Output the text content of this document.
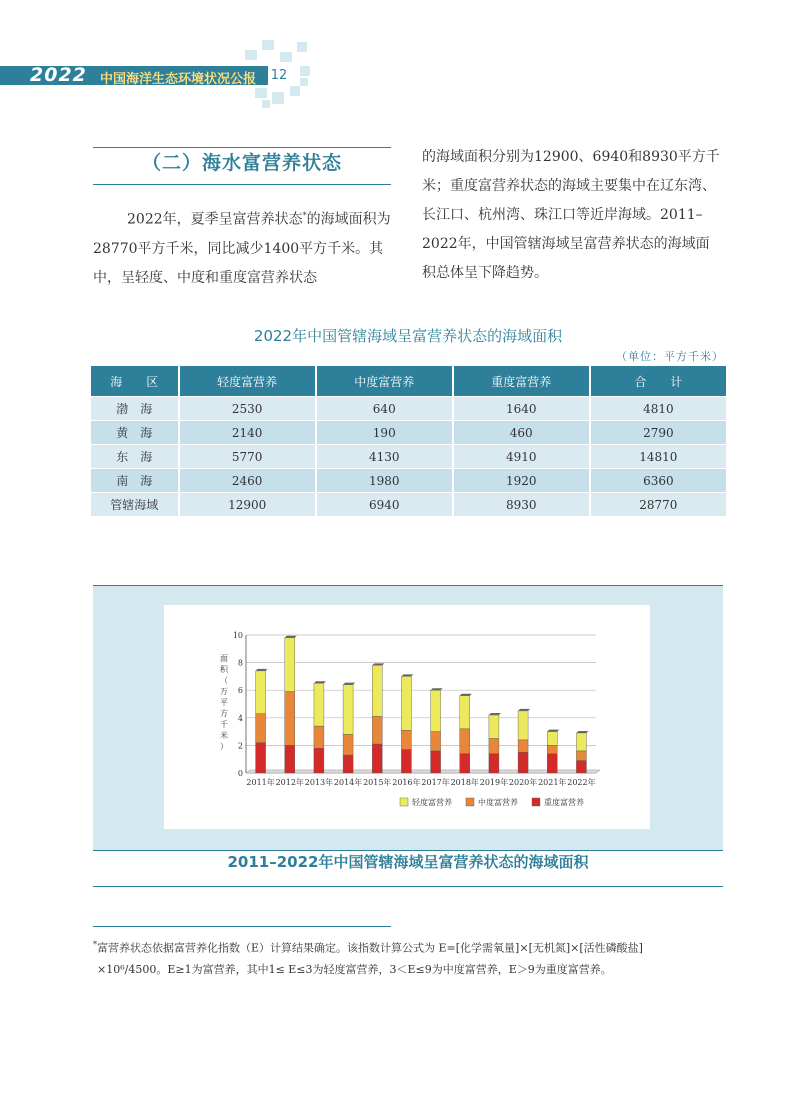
2022 中国海洋生态环境状况公报	12
（二）海水富营养状态
2022年，夏季呈富营养状态*的海域面积为28770平方千米，同比减少1400平方千米。其中，呈轻度、中度和重度富营养状态
的海域面积分别为12900、6940和8930平方千米；重度富营养状态的海域主要集中在辽东湾、长江口、杭州湾、珠江口等近岸海域。2011–2022年，中国管辖海域呈富营养状态的海域面积总体呈下降趋势。
2022年中国管辖海域呈富营养状态的海域面积
（单位：平方千米）
海　　区	轻度富营养	中度富营养	重度富营养	合　　计
渤　海	2530	640	1640	4810
黄　海	2140	190	460	2790
东　海	5770	4130	4910	14810
南　海	2460	1980	1920	6360
管辖海域	12900	6940	8930	28770
0
2
4
6
8
10
面
积
（
万
平
方
千
米
）
2011年 2012年 2013年 2014年 2015年 2016年 2017年 2018年 2019年 2020年 2021年 2022年
轻度富营养	中度富营养	重度富营养
2011–2022年中国管辖海域呈富营养状态的海域面积
*富营养状态依据富营养化指数（E）计算结果确定。该指数计算公式为 E=[化学需氧量]×[无机氮]×[活性磷酸盐]
×10⁶/4500。E≥1为富营养，其中1≤ E≤3为轻度富营养，3＜E≤9为中度富营养，E＞9为重度富营养。
